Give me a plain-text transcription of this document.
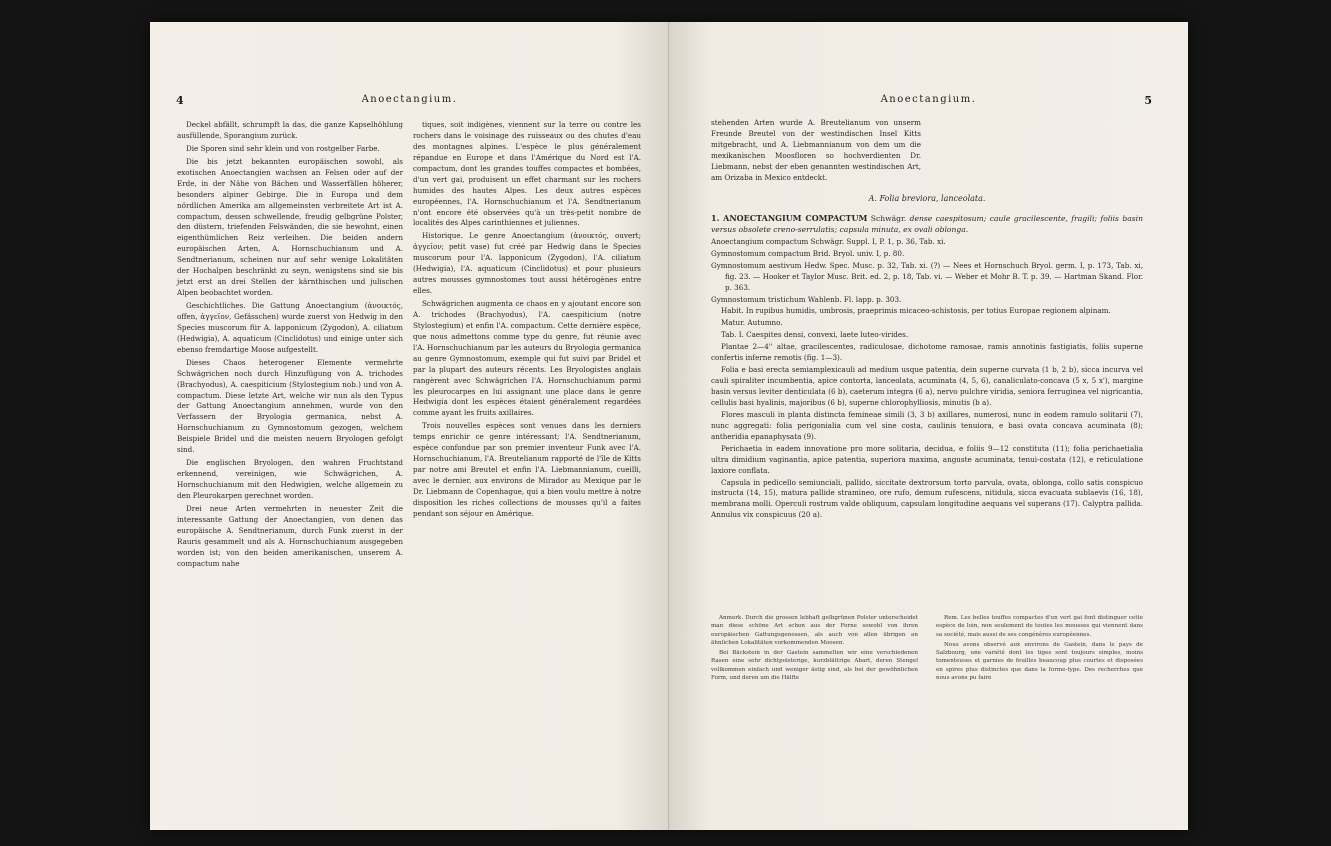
4	Anoectangium.

Deckel abfällt, schrumpft la das, die ganze Kapselhöhlung ausfüllende, Sporangium zurück.

Die Sporen sind sehr klein und von rostgelber Farbe.

Die bis jetzt bekannten europäischen sowohl, als exotischen Anoectangien wachsen an Felsen oder auf der Erde, in der Nähe von Bächen und Wasserfällen höherer, besonders alpiner Gebirge. Die in Europa und dem nördlichen Amerika am allgemeinsten verbreitete Art ist A. compactum, dessen schwellende, freudig gelbgrüne Polster, den düstern, triefenden Felswänden, die sie bewohnt, einen eigenthümlichen Reiz verleihen. Die beiden andern europäischen Arten, A. Hornschuchianum und A. Sendtnerianum, scheinen nur auf sehr wenige Lokalitäten der Hochalpen beschränkt zu seyn, wenigstens sind sie bis jetzt erst an drei Stellen der kärnthischen und julischen Alpen beobachtet worden.

Geschichtliches. Die Gattung Anoectangium (ἀνοικτός, offen, ἀγγεῖον, Gefässchen) wurde zuerst von Hedwig in den Species muscorum für A. lapponicum (Zygodon), A. ciliatum (Hedwigia), A. aquaticum (Cinclidotus) und einige unter sich ebenso fremdartige Moose aufgestellt.

Dieses Chaos heterogener Elemente vermehrte Schwägrichen noch durch Hinzufügung von A. trichodes (Brachyodus), A. caespiticium (Stylostegium nob.) und von A. compactum. Diese letzte Art, welche wir nun als den Typus der Gattung Anoectangium annehmen, wurde von den Verfassern der Bryologia germanica, nebst A. Hornschuchianum zu Gymnostomum gezogen, welchem Beispiele Bridel und die meisten neuern Bryologen gefolgt sind.

Die englischen Bryologen, den wahren Fruchtstand erkennend, vereinigen, wie Schwägrichen, A. Hornschuchianum mit den Hedwigien, welche allgemein zu den Pleurokarpen gerechnet worden.

Drei neue Arten vermehrten in neuester Zeit die interessante Gattung der Anoectangien, von denen das europäische A. Sendtnerianum, durch Funk zuerst in der Rauris gesammelt und als A. Hornschuchianum ausgegeben worden ist; von den beiden amerikanischen, unserem A. compactum nahe

tiques, soit indigènes, viennent sur la terre ou contre les rochers dans le voisinage des ruisseaux ou des chutes d'eau des montagnes alpines. L'espèce le plus généralement répandue en Europe et dans l'Amérique du Nord est l'A. compactum, dont les grandes touffes compactes et bombées, d'un vert gai, produisent un effet charmant sur les rochers humides des hautes Alpes. Les deux autres espèces européennes, l'A. Hornschuchianum et l'A. Sendtnerianum n'ont encore été observées qu'à un très-petit nombre de localités des Alpes carinthiennes et juliennes.

Historique. Le genre Anoectangium (ἀνοικτός, ouvert; ἀγγεῖον; petit vase) fut créé par Hedwig dans le Species muscorum pour l'A. lapponicum (Zygodon), l'A. ciliatum (Hedwigia), l'A. aquaticum (Cinclidotus) et pour plusieurs autres mousses gymnostomes tout aussi hétérogènes entre elles.

Schwägrichen augmenta ce chaos en y ajoutant encore son A. trichodes (Brachyodus), l'A. caespiticium (notre Stylostegium) et enfin l'A. compactum. Cette dernière espèce, que nous admettons comme type du genre, fut réunie avec l'A. Hornschuchianum par les auteurs du Bryologia germanica au genre Gymnostomum, exemple qui fut suivi par Bridel et par la plupart des auteurs récents. Les Bryologistes anglais rangèrent avec Schwägrichen l'A. Hornschuchianum parmi les pleurocarpes en lui assignant une place dans le genre Hedwigia dont les espèces étaient généralement regardées comme ayant les fruits axillaires.

Trois nouvelles espèces sont venues dans les derniers temps enrichir ce genre intéressant; l'A. Sendtnerianum, espèce confondue par son premier inventeur Funk avec l'A. Hornschuchianum, l'A. Breutelianum rapporté de l'île de Kitts par notre ami Breutel et enfin l'A. Liebmannianum, cueilli, avec le dernier, aux environs de Mirador au Mexique par le Dr. Liebmann de Copenhague, qui a bien voulu mettre à notre disposition les riches collections de mousses qu'il a faites pendant son séjour en Amérique.

Anoectangium.	5

stehenden Arten wurde A. Breutelianum von unserm Freunde Breutel von der westindischen Insel Kitts mitgebracht, und A. Liebmannianum von dem um die mexikanischen Moosfloren so hochverdienten Dr. Liebmann, nebst der eben genannten westindischen Art, am Orizaba in Mexico entdeckt.

A. Folia breviora, lanceolata.

1. ANOECTANGIUM COMPACTUM Schwägr. dense caespitosum; caule gracilescente, fragili; foliis basin versus obsolete creno-serrulatis; capsula minuta, ex ovali oblonga.

Anoectangium compactum Schwägr. Suppl. I, P. 1, p. 36, Tab. xi.

Gymnostomum compactum Brid. Bryol. univ. I, p. 80.

Gymnostomum aestivum Hedw. Spec. Musc. p. 32, Tab. xi. (?) — Nees et Hornschuch Bryol. germ. I, p. 173, Tab. xi, fig. 23. — Hooker et Taylor Musc. Brit. ed. 2, p. 18, Tab. vi. — Weber et Mohr B. T. p. 39. — Hartman Skand. Flor. p. 363.

Gymnostomum tristichum Wahlenb. Fl. lapp. p. 303.

Habit. In rupibus humidis, umbrosis, praeprimis micaceo-schistosis, per totius Europae regionem alpinam.

Matur. Autumno.

Tab. I. Caespites densi, convexi, laete luteo-virides.

Plantae 2—4'' altae, gracilescentes, radiculosae, dichotome ramosae, ramis annotinis fastigiatis, foliis superne confertis inferne remotis (fig. 1—3).

Folia e basi erecta semiamplexicauli ad medium usque patentia, dein superne curvata (1 b, 2 b), sicca incurva vel cauli spiraliter incumbentia, apice contorta, lanceolata, acuminata (4, 5, 6), canaliculato-concava (5 x, 5 x'), margine basin versus leviter denticulata (6 b), caeterum integra (6 a), nervo pulchre viridia, seniora ferruginea vel nigricantia, cellulis basi hyalinis, majoribus (6 b), superne chlorophylliosis, minutis (b a).

Flores masculi in planta distincta femineae simili (3, 3 b) axillares, numerosi, nunc in eodem ramulo solitarii (7), nunc aggregati: folia perigonialia cum vel sine costa, caulinis tenuiora, e basi ovata concava acuminata (8); antheridia epanaphysata (9).

Perichaetia in eadem innovatione pro more solitaria, decidua, e foliis 9—12 constituta (11); folia perichaetialia ultra dimidium vaginantia, apice patentia, superiora maxima, anguste acuminata, tenui-costata (12), e reticulatione laxiore conflata.

Capsula in pedicello semiunciali, pallido, siccitate dextrorsum torto parvula, ovata, oblonga, collo satis conspicuo instructa (14, 15), matura pallide stramineo, ore rufo, demum rufescens, nitidula, sicca evacuata sublaevis (16, 18), membrana molli. Operculi rostrum valde obliquum, capsulam longitudine aequans vel superans (17). Calyptra pallida. Annulus vix conspicuus (20 a).

Anmerk. Durch die grossen lebhaft gelbgrünen Polster unterscheidet man diese schöne Art schon aus der Ferne sowohl von ihren europäischen Gattungsgenossen, als auch von allen übrigen an ähnlichen Lokalitäten vorkommenden Moosen.

Bei Bäckstein in der Gastein sammelten wir eine verschiedenen Rasen eine sehr dichtpolsterige, kurzblättrige Abart, deren Stengel vollkommen einfach und weniger ästig sind, als bei der gewöhnlichen Form, und deren um die Hälfte

Rem. Les belles touffes compactes d'un vert gai font distinguer cette espèce de loin, non seulement de toutes les mousses qui viennent dans sa société, mais aussi de ses congénères européennes.

Nous avons observé aux environs de Gastein, dans le pays de Salzbourg, une variété dont les tiges sont toujours simples, moins tomenteuses et garnies de feuilles beaucoup plus courtes et disposées en spires plus distinctes que dans la forme-type. Des recherches que nous avons pu faire
